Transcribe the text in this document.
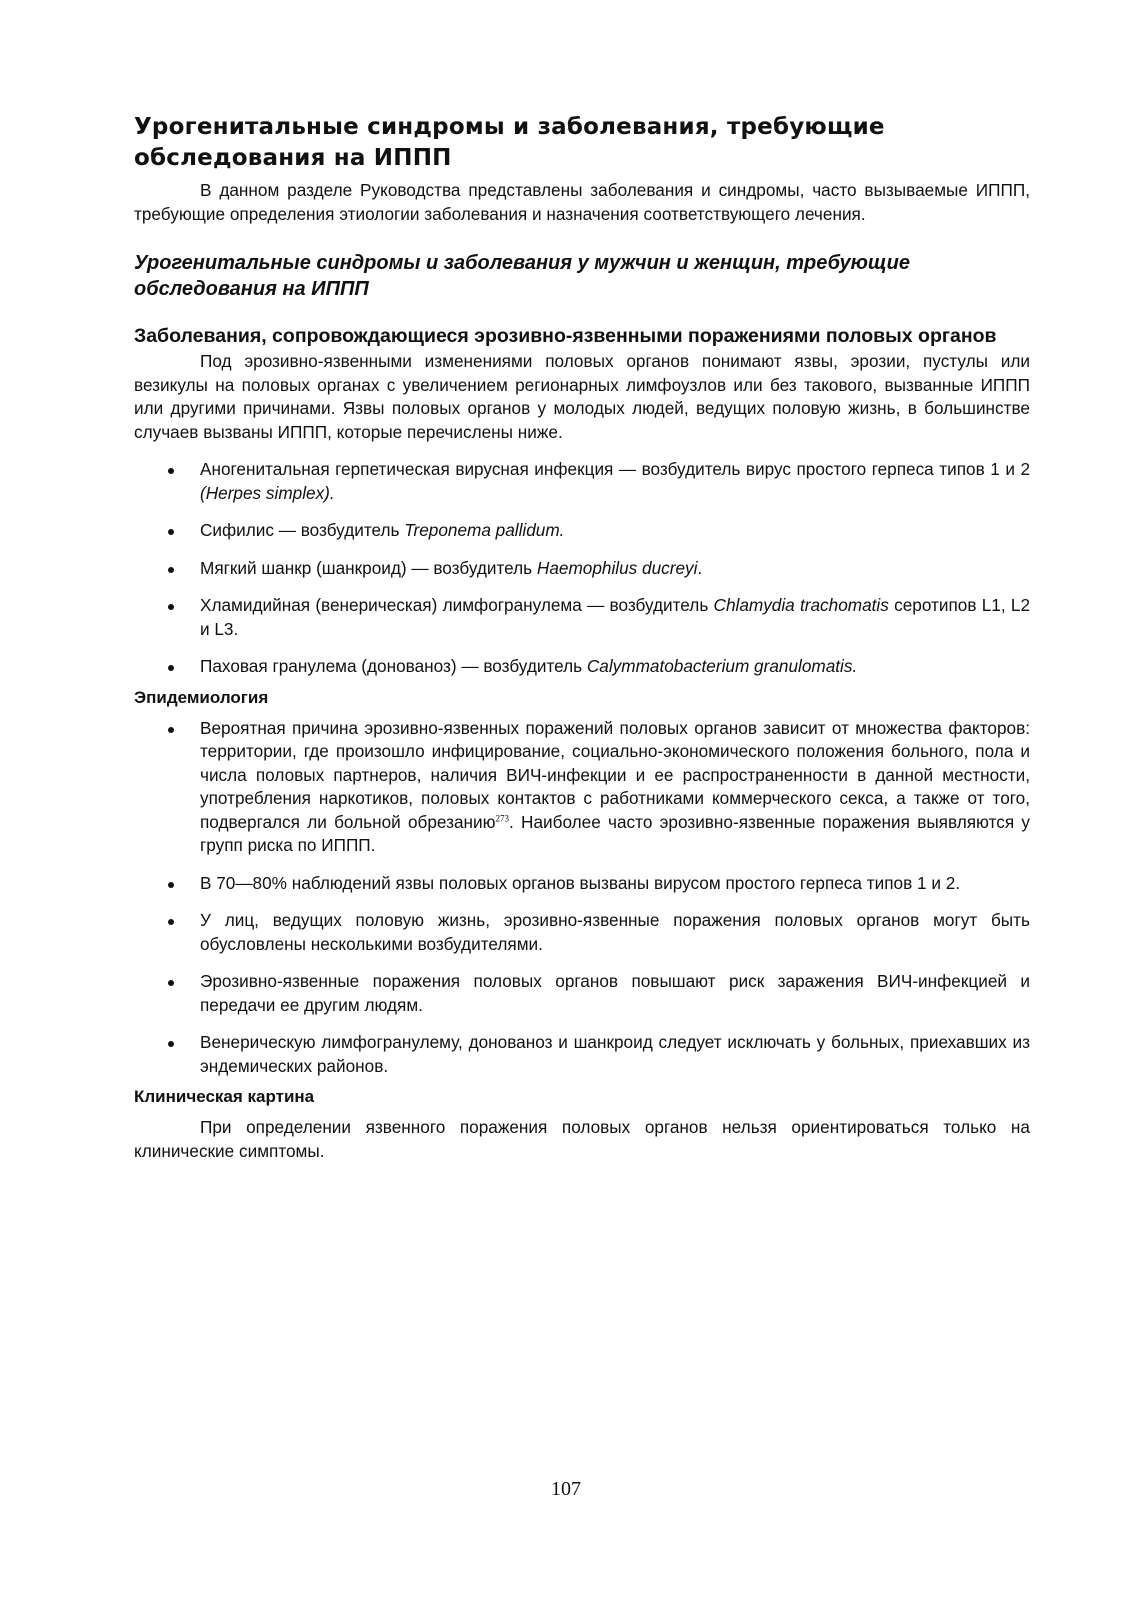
Урогенитальные синдромы и заболевания, требующие обследования на ИППП

В данном разделе Руководства представлены заболевания и синдромы, часто вызываемые ИППП, требующие определения этиологии заболевания и назначения соответствующего лечения.

Урогенитальные синдромы и заболевания у мужчин и женщин, требующие обследования на ИППП
Заболевания, сопровождающиеся эрозивно-язвенными поражениями половых органов

Под эрозивно-язвенными изменениями половых органов понимают язвы, эрозии, пустулы или везикулы на половых органах с увеличением регионарных лимфоузлов или без такового, вызванные ИППП или другими причинами. Язвы половых органов у молодых людей, ведущих половую жизнь, в большинстве случаев вызваны ИППП, которые перечислены ниже.

Аногенитальная герпетическая вирусная инфекция — возбудитель вирус простого герпеса типов 1 и 2 (Herpes simplex).
Сифилис — возбудитель Treponema pallidum.
Мягкий шанкр (шанкроид) — возбудитель Haemophilus ducreyi.
Хламидийная (венерическая) лимфогранулема — возбудитель Chlamydia trachomatis серотипов L1, L2 и L3.
Паховая гранулема (донованоз) — возбудитель Calymmatobacterium granulomatis.
Эпидемиология
Вероятная причина эрозивно-язвенных поражений половых органов зависит от множества факторов: территории, где произошло инфицирование, социально-экономического положения больного, пола и числа половых партнеров, наличия ВИЧ-инфекции и ее распространенности в данной местности, употребления наркотиков, половых контактов с работниками коммерческого секса, а также от того, подвергался ли больной обрезанию$^{273}$. Наиболее часто эрозивно-язвенные поражения выявляются у групп риска по ИППП.
В 70—80% наблюдений язвы половых органов вызваны вирусом простого герпеса типов 1 и 2.
У лиц, ведущих половую жизнь, эрозивно-язвенные поражения половых органов могут быть обусловлены несколькими возбудителями.
Эрозивно-язвенные поражения половых органов повышают риск заражения ВИЧ-инфекцией и передачи ее другим людям.
Венерическую лимфогранулему, донованоз и шанкроид следует исключать у больных, приехавших из эндемических районов.
Клиническая картина

При определении язвенного поражения половых органов нельзя ориентироваться только на клинические симптомы.

107
